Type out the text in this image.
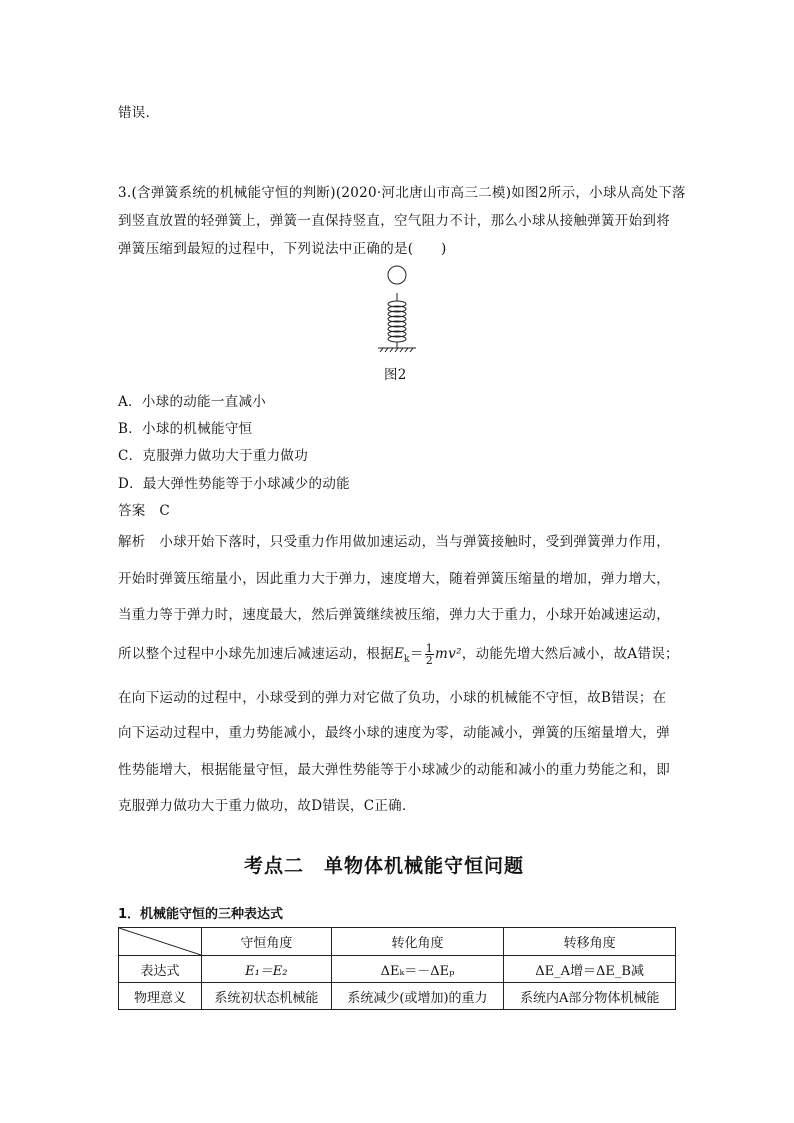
错误．
3.(含弹簧系统的机械能守恒的判断)(2020·河北唐山市高三二模)如图2所示，小球从高处下落
到竖直放置的轻弹簧上，弹簧一直保持竖直，空气阻力不计，那么小球从接触弹簧开始到将
弹簧压缩到最短的过程中，下列说法中正确的是(　　)
图2
A．小球的动能一直减小
B．小球的机械能守恒
C．克服弹力做功大于重力做功
D．最大弹性势能等于小球减少的动能
答案　C
解析　小球开始下落时，只受重力作用做加速运动，当与弹簧接触时，受到弹簧弹力作用，
开始时弹簧压缩量小，因此重力大于弹力，速度增大，随着弹簧压缩量的增加，弹力增大，
当重力等于弹力时，速度最大，然后弹簧继续被压缩，弹力大于重力，小球开始减速运动，
所以整个过程中小球先加速后减速运动，根据$E_k= \frac{1}{2} mv^2$，动能先增大然后减小，故A错误；
在向下运动的过程中，小球受到的弹力对它做了负功，小球的机械能不守恒，故B错误；在
向下运动过程中，重力势能减小，最终小球的速度为零，动能减小，弹簧的压缩量增大，弹
性势能增大，根据能量守恒，最大弹性势能等于小球减少的动能和减小的重力势能之和，即
克服弹力做功大于重力做功，故D错误，C正确．
考点二　单物体机械能守恒问题
1．机械能守恒的三种表达式
	守恒角度	转化角度	转移角度
表达式	E₁＝E₂	ΔEₖ＝－ΔEₚ	ΔE_A增＝ΔE_B减
物理意义	系统初状态机械能	系统减少(或增加)的重力	系统内A部分物体机械能
